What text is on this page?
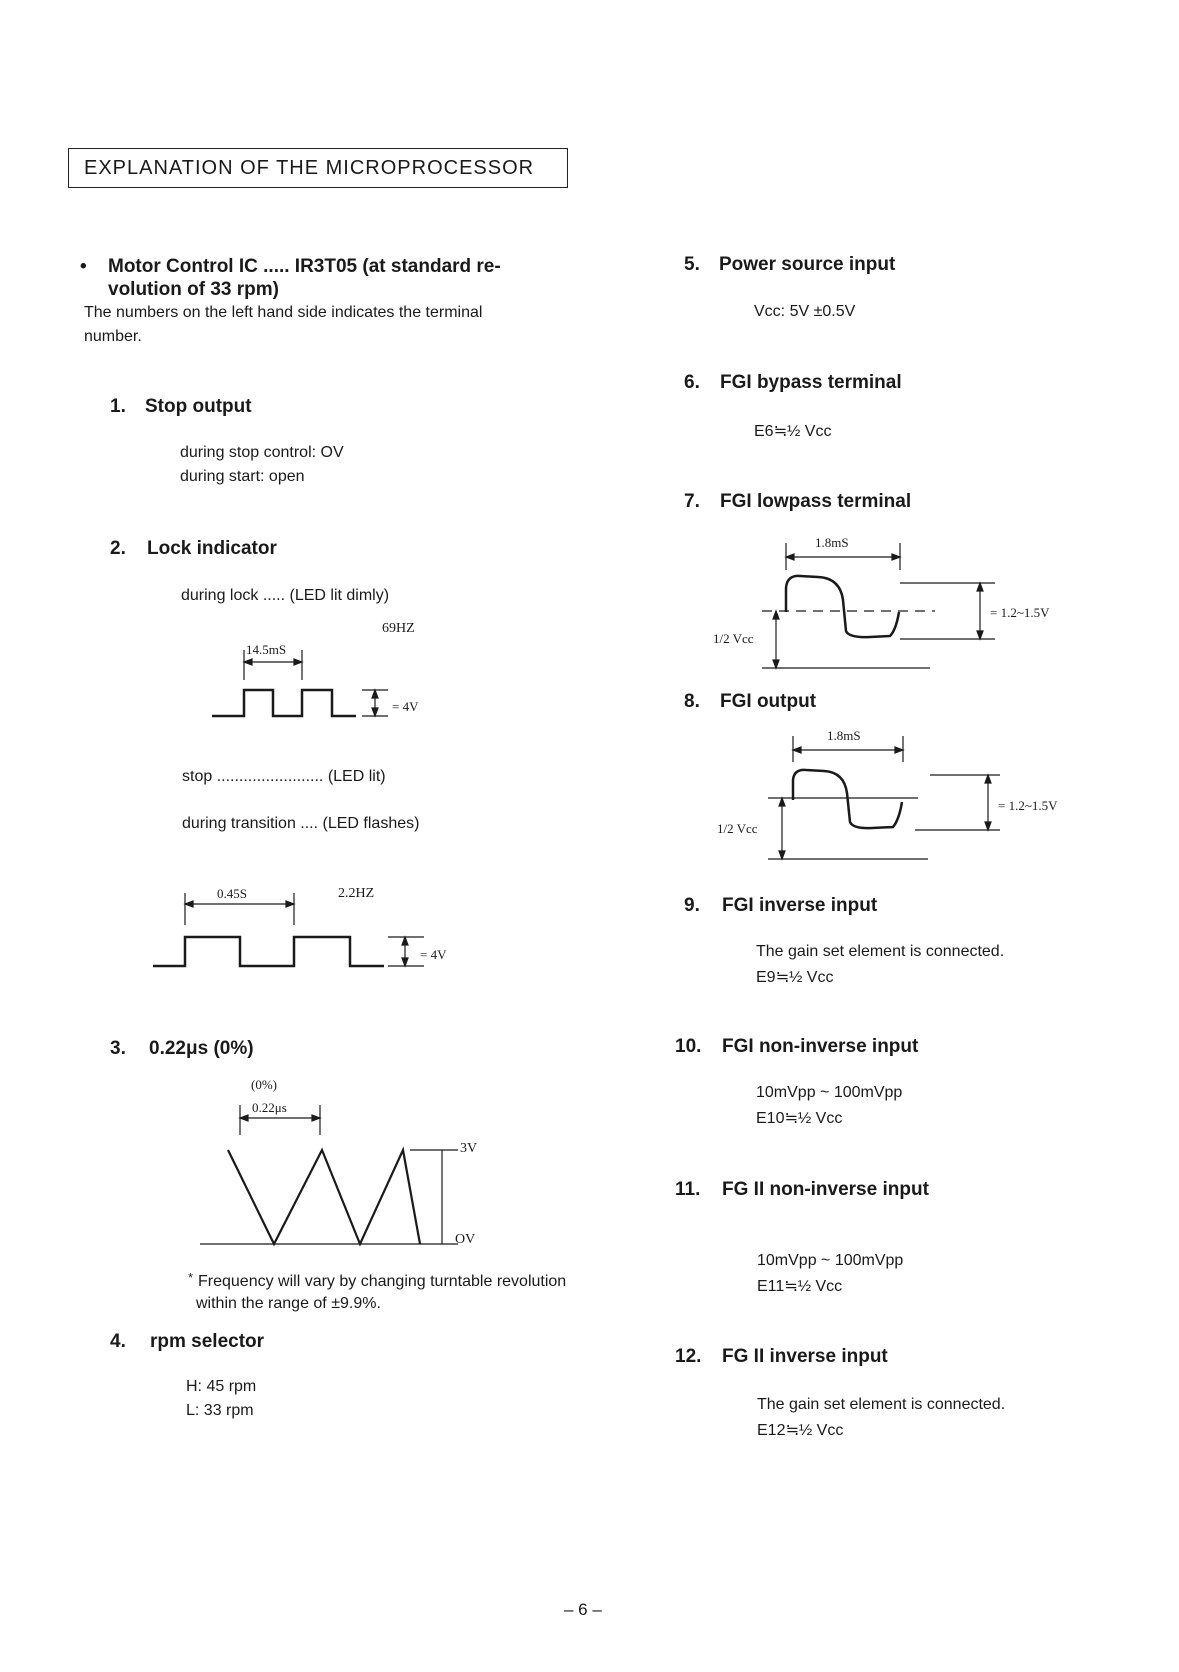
EXPLANATION OF THE MICROPROCESSOR
• Motor Control IC ..... IR3T05 (at standard re-
volution of 33 rpm)
The numbers on the left hand side indicates the terminal
number.
1. Stop output
during stop control: OV
during start: open
2. Lock indicator
during lock ..... (LED lit dimly)
69HZ
14.5mS
= 4V
stop ........................ (LED lit)
during transition .... (LED flashes)
0.45S	2.2HZ
= 4V
3. 0.22μs (0%)
(0%)
0.22μs
3V
OV
* Frequency will vary by changing turntable revolution
within the range of ±9.9%.
4. rpm selector
H: 45 rpm
L: 33 rpm
5. Power source input
Vcc: 5V ±0.5V
6. FGI bypass terminal
E6≒½ Vcc
7. FGI lowpass terminal
1.8mS
1/2 Vcc
= 1.2~1.5V
8. FGI output
1.8mS
1/2 Vcc
= 1.2~1.5V
9. FGI inverse input
The gain set element is connected.
E9≒½ Vcc
10. FGI non-inverse input
10mVpp ~ 100mVpp
E10≒½ Vcc
11. FG II non-inverse input
10mVpp ~ 100mVpp
E11≒½ Vcc
12. FG II inverse input
The gain set element is connected.
E12≒½ Vcc
– 6 –
